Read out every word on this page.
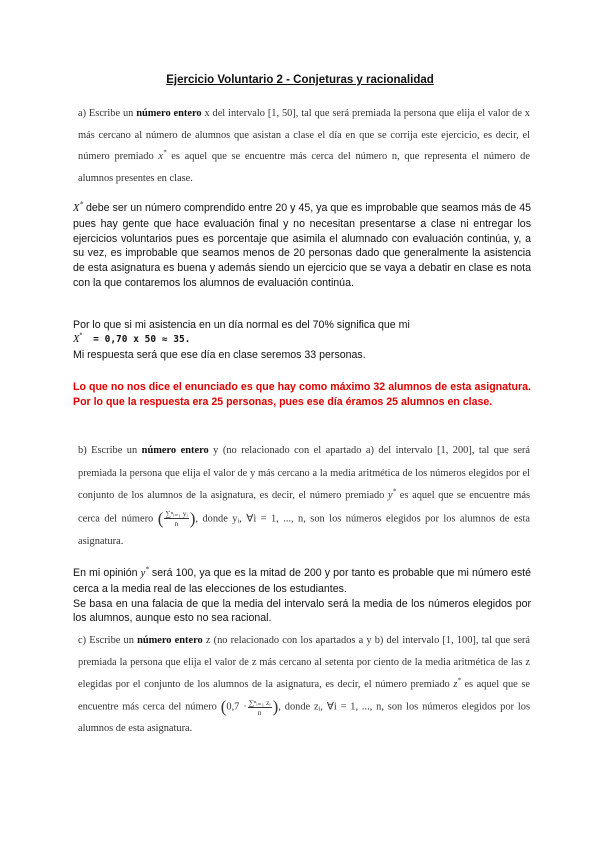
Ejercicio Voluntario 2 - Conjeturas y racionalidad
a) Escribe un número entero x del intervalo [1, 50], tal que será premiada la persona que elija el valor de x más cercano al número de alumnos que asistan a clase el día en que se corrija este ejercicio, es decir, el número premiado x* es aquel que se encuentre más cerca del número n, que representa el número de alumnos presentes en clase.
X* debe ser un número comprendido entre 20 y 45, ya que es improbable que seamos más de 45 pues hay gente que hace evaluación final y no necesitan presentarse a clase ni entregar los ejercicios voluntarios pues es porcentaje que asimila el alumnado con evaluación continúa, y, a su vez, es improbable que seamos menos de 20 personas dado que generalmente la asistencia de esta asignatura es buena y además siendo un ejercicio que se vaya a debatir en clase es nota con la que contaremos los alumnos de evaluación continúa.
Por lo que si mi asistencia en un día normal es del 70% significa que mi
X* = 0,70 x 50 ≈ 35.
Mi respuesta será que ese día en clase seremos 33 personas.
Lo que no nos dice el enunciado es que hay como máximo 32 alumnos de esta asignatura. Por lo que la respuesta era 25 personas, pues ese día éramos 25 alumnos en clase.
b) Escribe un número entero y (no relacionado con el apartado a) del intervalo [1, 200], tal que será premiada la persona que elija el valor de y más cercano a la media aritmética de los números elegidos por el conjunto de los alumnos de la asignatura, es decir, el número premiado y* es aquel que se encuentre más cerca del número ( $\frac{\text{∑ⁿᵢ₌₁ yᵢ}}{n}$ ), donde yᵢ, ∀i = 1, ..., n, son los números elegidos por los alumnos de esta asignatura.
En mi opinión y* será 100, ya que es la mitad de 200 y por tanto es probable que mi número esté cerca a la media real de las elecciones de los estudiantes.
Se basa en una falacia de que la media del intervalo será la media de los números elegidos por los alumnos, aunque esto no sea racional.
c) Escribe un número entero z (no relacionado con los apartados a y b) del intervalo [1, 100], tal que será premiada la persona que elija el valor de z más cercano al setenta por ciento de la media aritmética de las z elegidas por el conjunto de los alumnos de la asignatura, es decir, el número premiado z* es aquel que se encuentre más cerca del número ($0,7 \cdot \frac{\text{∑ⁿᵢ₌₁ zᵢ}}{n}$ ), donde zᵢ, ∀i = 1, ..., n, son los números elegidos por los alumnos de esta asignatura.
